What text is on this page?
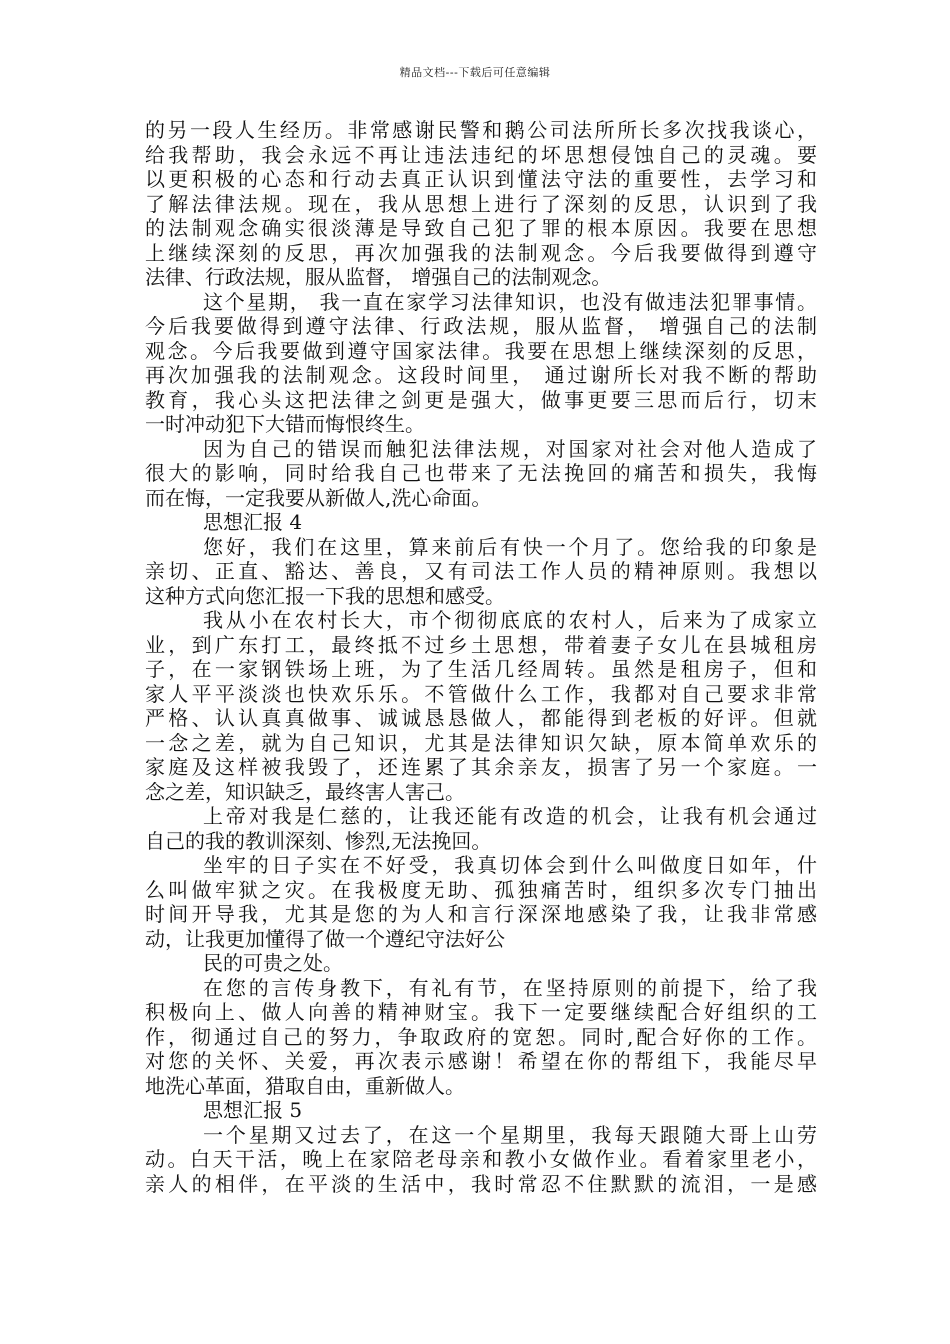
精品文档---下载后可任意编辑
的另一段人生经历。非常感谢民警和鹅公司法所所长多次找我谈心，
给我帮助，我会永远不再让违法违纪的坏思想侵蚀自己的灵魂。要
以更积极的心态和行动去真正认识到懂法守法的重要性，去学习和
了解法律法规。现在，我从思想上进行了深刻的反思，认识到了我
的法制观念确实很淡薄是导致自己犯了罪的根本原因。我要在思想
上继续深刻的反思，再次加强我的法制观念。今后我要做得到遵守
法律、行政法规，服从监督， 增强自己的法制观念。
这个星期， 我一直在家学习法律知识，也没有做违法犯罪事情。
今后我要做得到遵守法律、行政法规，服从监督， 增强自己的法制
观念。今后我要做到遵守国家法律。我要在思想上继续深刻的反思，
再次加强我的法制观念。这段时间里， 通过谢所长对我不断的帮助
教育，我心头这把法律之剑更是强大，做事更要三思而后行，切末
一时冲动犯下大错而悔恨终生。
因为自己的错误而触犯法律法规，对国家对社会对他人造成了
很大的影响，同时给我自己也带来了无法挽回的痛苦和损失，我悔
而在悔，一定我要从新做人,洗心命面。
思想汇报 4
您好，我们在这里，算来前后有快一个月了。您给我的印象是
亲切、正直、豁达、善良，又有司法工作人员的精神原则。我想以
这种方式向您汇报一下我的思想和感受。
我从小在农村长大，市个彻彻底底的农村人，后来为了成家立
业，到广东打工，最终抵不过乡土思想，带着妻子女儿在县城租房
子，在一家钢铁场上班，为了生活几经周转。虽然是租房子，但和
家人平平淡淡也快欢乐乐。不管做什么工作，我都对自己要求非常
严格、认认真真做事、诚诚恳恳做人，都能得到老板的好评。但就
一念之差，就为自己知识，尤其是法律知识欠缺，原本简单欢乐的
家庭及这样被我毁了，还连累了其余亲友，损害了另一个家庭。一
念之差，知识缺乏，最终害人害己。
上帝对我是仁慈的，让我还能有改造的机会，让我有机会通过
自己的我的教训深刻、惨烈,无法挽回。
坐牢的日子实在不好受，我真切体会到什么叫做度日如年，什
么叫做牢狱之灾。在我极度无助、孤独痛苦时，组织多次专门抽出
时间开导我，尤其是您的为人和言行深深地感染了我，让我非常感
动，让我更加懂得了做一个遵纪守法好公
民的可贵之处。
在您的言传身教下，有礼有节，在坚持原则的前提下，给了我
积极向上、做人向善的精神财宝。我下一定要继续配合好组织的工
作，彻通过自己的努力，争取政府的宽恕。同时,配合好你的工作。
对您的关怀、关爱，再次表示感谢！希望在你的帮组下，我能尽早
地洗心革面，猎取自由，重新做人。
思想汇报 5
一个星期又过去了，在这一个星期里，我每天跟随大哥上山劳
动。白天干活，晚上在家陪老母亲和教小女做作业。看着家里老小，
亲人的相伴，在平淡的生活中，我时常忍不住默默的流泪，一是感
